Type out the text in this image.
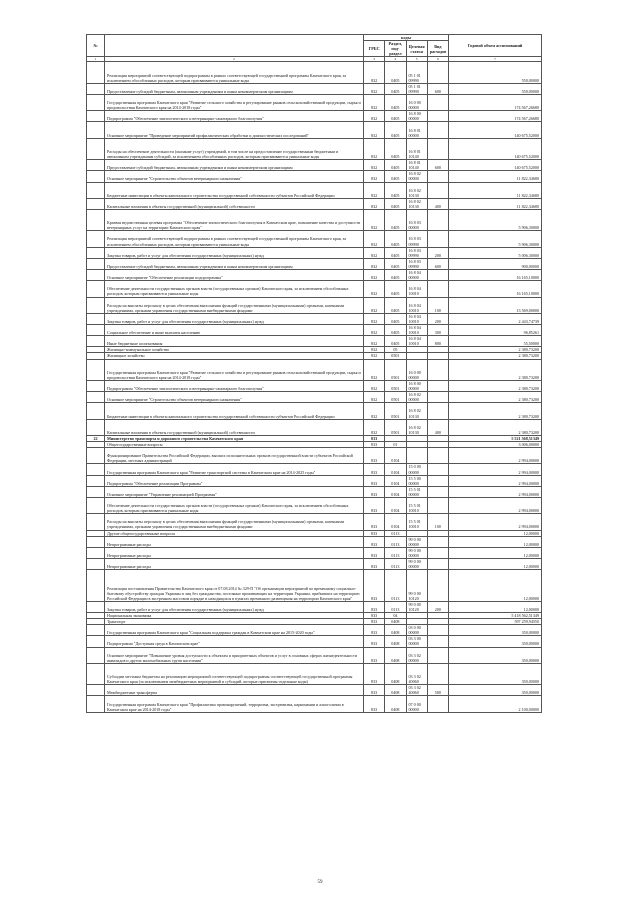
№		коды				Годовой объем ассигнований
		ГРБС	Раздел, под-раздел	Целевая статья	Вид расходов	
1	2	3	4	5	6	7
	Реализация мероприятий соответствующей подпрограммы в рамках соответствующей государственной программы Камчатского края, за исключением обособленных расходов, которым присваиваются уникальные коды	832	0405	05 1 01 09990		550,00000
	Предоставление субсидий бюджетным, автономным учреждениям и иным некоммерческим организациям	832	0405	05 1 01 09990	600	550,00000
	Государственная программа Камчатского края "Развитие сельского хозяйства и регулирование рынков сельскохозяйственной продукции, сырья и продовольствия Камчатского края на 2014-2018 годы"	832	0405	16 0 00 00000		174 567,26680
	Подпрограмма "Обеспечение эпизоотического и ветеринарно-санитарного благополучия"	832	0405	16 8 00 00000		174 567,26680
	Основное мероприятие "Проведение мероприятий профилактических обработки и диагностических исследований"	832	0405	16 8 01 00000		140 675,52000
	Расходы на обеспечение деятельности (оказание услуг) учреждений, в том числе на предоставление государственным бюджетным и автономным учреждениям субсидий, за исключением обособленных расходов, которым присваиваются уникальные коды	832	0405	16 8 01 10140		140 675,52000
	Предоставление субсидий бюджетным, автономным учреждениям и иным некоммерческим организациям	832	0405	16 8 01 10140	600	140 675,52000
	Основное мероприятие "Строительство объектов ветеринарного назначения"	832	0405	16 8 02 00000		11 822,34680
	Бюджетные инвестиции в объекты капитального строительства государственной собственности субъектов Российской Федерации	832	0405	16 8 02 10130		11 822,34680
	Капитальные вложения в объекты государственной (муниципальной) собственности	832	0405	16 8 02 10130	400	11 822,34680
	Краевая ведомственная целевая программа "Обеспечение эпизоотического благополучия в Камчатском крае, повышение качества и доступности ветеринарных услуг на территории Камчатского края"	832	0405	16 8 03 00000		5 906,30000
	Реализация мероприятий соответствующей подпрограммы в рамках соответствующей государственной программы Камчатского края, за исключением обособленных расходов, которым присваиваются уникальные коды	832	0405	16 8 03 09990		5 906,30000
	Закупка товаров, работ и услуг для обеспечения государственных (муниципальных) нужд	832	0405	16 8 03 09990	200	5 006,30000
	Предоставление субсидий бюджетным, автономным учреждениям и иным некоммерческим организациям	832	0405	16 8 03 09990	600	900,00000
	Основное мероприятие "Обеспечение реализации подпрограммы"	832	0405	16 8 04 00000		16 165,10000
	Обеспечение деятельности государственных органов власти (государственных органов) Камчатского края, за исключением обособленных расходов, которым присваиваются уникальные коды	832	0405	16 8 04 10010		16 165,10000
	Расходы на выплаты персоналу в целях обеспечения выполнения функций государственными (муниципальными) органами, казенными учреждениями, органами управления государственными внебюджетными фондами	832	0405	16 8 04 10010	100	13 569,00000
	Закупка товаров, работ и услуг для обеспечения государственных (муниципальных) нужд	832	0405	16 8 04 10010	200	2 443,74739
	Социальное обеспечение и иные выплаты населению	832	0405	16 8 04 10010	300	96,85261
	Иные бюджетные ассигнования	832	0405	16 8 04 10010	800	55,50000
	Жилищно-коммунальное хозяйство	832	05			2 380,73200
	Жилищное хозяйство	832	0501			2 380,73200
	Государственная программа Камчатского края "Развитие сельского хозяйства и регулирование рынков сельскохозяйственной продукции, сырья и продовольствия Камчатского края на 2014-2018 годы"	832	0501	16 0 00 00000		2 380,73200
	Подпрограмма "Обеспечение эпизоотического и ветеринарно-санитарного благополучия"	832	0501	16 8 00 00000		2 380,73200
	Основное мероприятие "Строительство объектов ветеринарного назначения"	832	0501	16 8 02 00000		2 380,73200
	Бюджетные инвестиции в объекты капитального строительства государственной собственности субъектов Российской Федерации	832	0501	16 8 02 10130		2 380,73200
	Капитальные вложения в объекты государственной (муниципальной) собственности	832	0501	16 8 02 10130	400	2 380,73200
22	Министерство транспорта и дорожного строительства Камчатского края	833				5 521 568,51349
	Общегосударственные вопросы	833	01			3 006,00000
	Функционирование Правительства Российской Федерации, высших исполнительных органов государственной власти субъектов Российской Федерации, местных администраций	833	0104			2 994,00000
	Государственная программа Камчатского края "Развитие транспортной системы в Камчатском крае на 2014-2025 годы"	833	0104	15 0 00 00000		2 994,00000
	Подпрограмма "Обеспечение реализации Программы"	833	0104	15 5 00 00000		2 994,00000
	Основное мероприятие "Управление реализацией Программы"	833	0104	15 5 01 00000		2 994,00000
	Обеспечение деятельности государственных органов власти (государственных органов) Камчатского края, за исключением обособленных расходов, которым присваиваются уникальные коды	833	0104	15 5 01 10010		2 994,00000
	Расходы на выплаты персоналу в целях обеспечения выполнения функций государственными (муниципальными) органами, казенными учреждениями, органами управления государственными внебюджетными фондами	833	0104	15 5 01 10010	100	2 994,00000
	Другие общегосударственные вопросы	833	0113			12,00000
	Непрограммные расходы	833	0113	99 0 00 00000		12,00000
	Непрограммные расходы	833	0113	99 0 00 00000		12,00000
	Непрограммные расходы	833	0113	99 0 00 00000		12,00000
	Реализация постановления Правительства Камчатского края от 07.08.2014 № 329-П "Об организации мероприятий по временному социально-бытовому обустройству граждан Украины и лиц без гражданства, постоянно проживающих на территории Украины, прибывших на территорию Российской Федерации в экстренном массовом порядке и находящихся в пунктах временного размещения на территории Камчатского края"	833	0113	99 0 00 10120		12,00000
	Закупка товаров, работ и услуг для обеспечения государственных (муниципальных) нужд	833	0113	99 0 00 10120	200	12,00000
	Национальная экономика	833	04			5 418 562,51349
	Транспорт	833	0408			597 259,94550
	Государственная программа Камчатского края "Социальная поддержка граждан в Камчатском крае на 2015-2020 годы"	833	0408	03 0 00 00000		350,00000
	Подпрограмма "Доступная среда в Камчатском крае"	833	0408	03 3 00 00000		350,00000
	Основное мероприятие "Повышение уровня доступности к объектам и приоритетных объектов и услуг в основных сферах жизнедеятельности инвалидов и других маломобильных групп населения"	833	0408	03 3 02 00000		350,00000
	Субсидии местным бюджетам на реализацию мероприятий соответствующей подпрограммы соответствующей государственной программы Камчатского края (за исключением межбюджетных мероприятий и субсидий, которые присвоены отдельные коды)	833	0408	03 3 02 40060		350,00000
	Межбюджетные трансферты	833	0408	03 3 02 40060	500	350,00000
	Государственная программа Камчатского края "Профилактика правонарушений, терроризма, экстремизма, наркомании и алкоголизма в Камчатском крае на 2014-2018 годы"	833	0408	07 0 00 00000		2 100,00000
59
